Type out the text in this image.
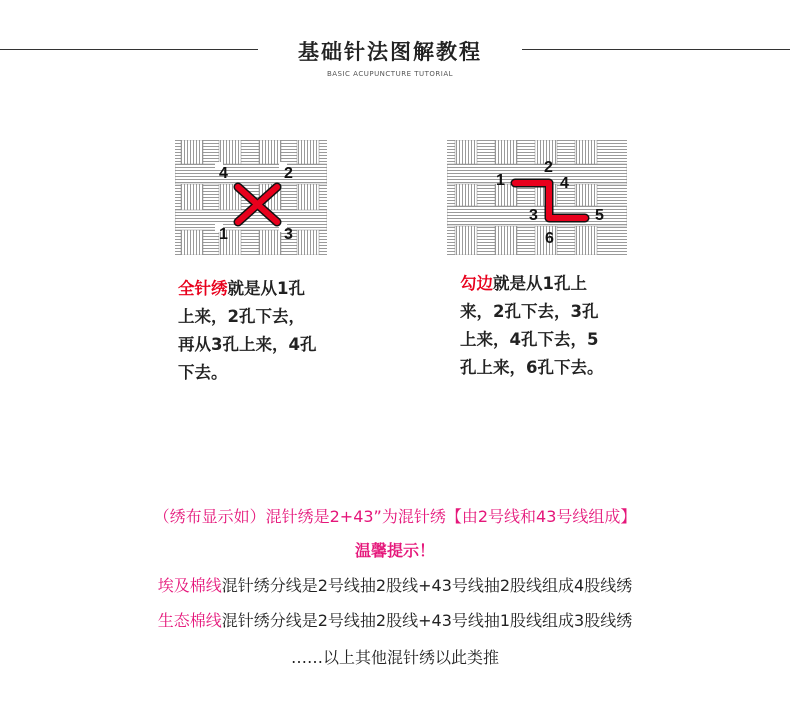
基础针法图解教程
BASIC ACUPUNCTURE TUTORIAL
4	2
1	3
1
2
4
3	5
6
全针绣就是从1孔
上来，2孔下去，
再从3孔上来，4孔
下去。
勾边就是从1孔上
来，2孔下去，3孔
上来，4孔下去，5
孔上来，6孔下去。
（绣布显示如）混针绣是2+43”为混针绣【由2号线和43号线组成】
温馨提示！
埃及棉线混针绣分线是2号线抽2股线+43号线抽2股线组成4股线绣
生态棉线混针绣分线是2号线抽2股线+43号线抽1股线组成3股线绣
……以上其他混针绣以此类推
